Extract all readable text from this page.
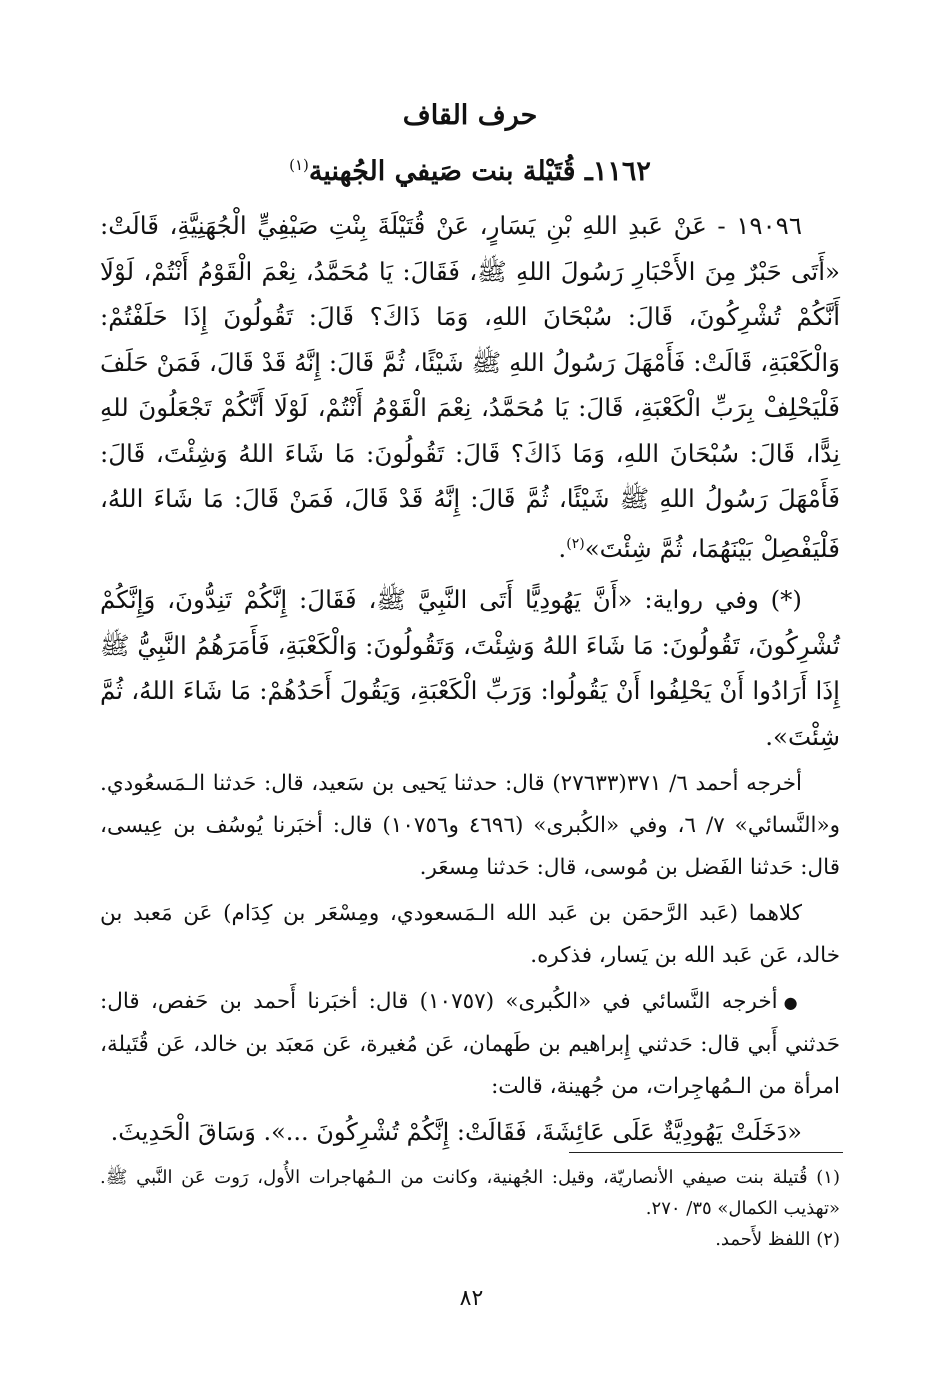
حرف القاف
١١٦٢ـ قُتَيْلة بنت صَيفي الجُهنية$^{(١)}$

١٩٠٩٦ - عَنْ عَبدِ اللهِ بْنِ يَسَارٍ، عَنْ قُتَيْلَةَ بِنْتِ صَيْفِيٍّ الْجُهَنِيَّةِ، قَالَتْ: «أَتَى حَبْرٌ مِنَ الأَحْبَارِ رَسُولَ اللهِ ﷺ، فَقَالَ: يَا مُحَمَّدُ، نِعْمَ الْقَوْمُ أَنْتُمْ، لَوْلَا أَنَّكُمْ تُشْرِكُونَ، قَالَ: سُبْحَانَ اللهِ، وَمَا ذَاكَ؟ قَالَ: تَقُولُونَ إِذَا حَلَفْتُمْ: وَالْكَعْبَةِ، قَالَتْ: فَأَمْهَلَ رَسُولُ اللهِ ﷺ شَيْئًا، ثُمَّ قَالَ: إِنَّهُ قَدْ قَالَ، فَمَنْ حَلَفَ فَلْيَحْلِفْ بِرَبِّ الْكَعْبَةِ، قَالَ: يَا مُحَمَّدُ، نِعْمَ الْقَوْمُ أَنْتُمْ، لَوْلَا أَنَّكُمْ تَجْعَلُونَ للهِ نِدًّا، قَالَ: سُبْحَانَ اللهِ، وَمَا ذَاكَ؟ قَالَ: تَقُولُونَ: مَا شَاءَ اللهُ وَشِئْتَ، قَالَ: فَأَمْهَلَ رَسُولُ اللهِ ﷺ شَيْئًا، ثُمَّ قَالَ: إِنَّهُ قَدْ قَالَ، فَمَنْ قَالَ: مَا شَاءَ اللهُ، فَلْيَفْصِلْ بَيْنَهُمَا، ثُمَّ شِئْتَ»$^{(٢)}$.

(*) وفي رواية: «أَنَّ يَهُودِيًّا أَتَى النَّبِيَّ ﷺ، فَقَالَ: إِنَّكُمْ تَنِدُّونَ، وَإِنَّكُمْ تُشْرِكُونَ، تَقُولُونَ: مَا شَاءَ اللهُ وَشِئْتَ، وَتَقُولُونَ: وَالْكَعْبَةِ، فَأَمَرَهُمُ النَّبِيُّ ﷺ إِذَا أَرَادُوا أَنْ يَحْلِفُوا أَنْ يَقُولُوا: وَرَبِّ الْكَعْبَةِ، وَيَقُولَ أَحَدُهُمْ: مَا شَاءَ اللهُ، ثُمَّ شِئْتَ».

أخرجه أحمد ٦/ ٣٧١(٢٧٦٣٣) قال: حدثنا يَحيى بن سَعيد، قال: حَدثنا الـمَسعُودي. و«النَّسائي» ٧/ ٦، وفي «الكُبرى» (٤٦٩٦ و١٠٧٥٦) قال: أخبَرنا يُوسُف بن عِيسى، قال: حَدثنا الفَضل بن مُوسى، قال: حَدثنا مِسعَر.

كلاهما (عَبد الرَّحمَن بن عَبد الله الـمَسعودي، ومِسْعَر بن كِدَام) عَن مَعبد بن خالد، عَن عَبد الله بن يَسار، فذكره.

●أخرجه النَّسائي في «الكُبرى» (١٠٧٥٧) قال: أخبَرنا أَحمد بن حَفص، قال: حَدثني أَبي قال: حَدثني إِبراهيم بن طَهمان، عَن مُغيرة، عَن مَعبَد بن خالد، عَن قُتَيلة، امرأة من الـمُهاجِرات، من جُهينة، قالت:

«دَخَلَتْ يَهُودِيَّةٌ عَلَى عَائِشَةَ، فَقَالَتْ: إِنَّكُمْ تُشْرِكُونَ ...». وَسَاقَ الْحَدِيثَ.

(١) قُتيلة بنت صيفي الأنصاريّة، وقيل: الجُهنية، وكانت من الـمُهاجرات الأُول، رَوت عَن النَّبي ﷺ. «تهذيب الكمال» ٣٥/ ٢٧٠.

(٢) اللفظ لأَحمد.

٨٢
